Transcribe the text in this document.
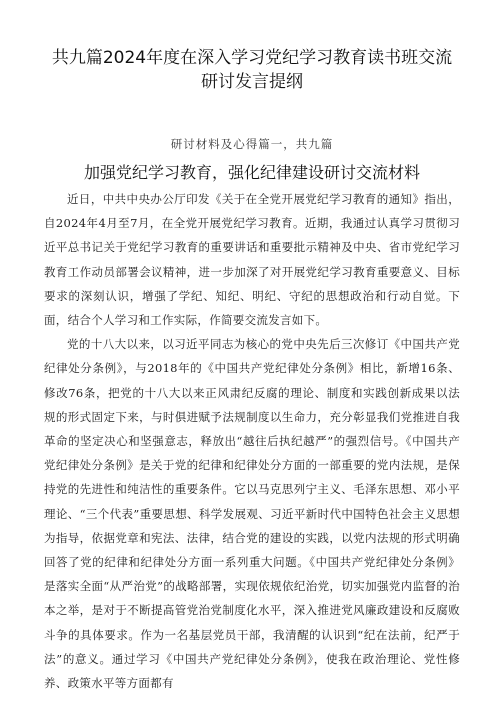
共九篇2024年度在深入学习党纪学习教育读书班交流
研讨发言提纲

研讨材料及心得篇一，共九篇

加强党纪学习教育，强化纪律建设研讨交流材料

近日，中共中央办公厅印发《关于在全党开展党纪学习教育的通知》指出，自2024年4月至7月，在全党开展党纪学习教育。近期，我通过认真学习贯彻习近平总书记关于党纪学习教育的重要讲话和重要批示精神及中央、省市党纪学习教育工作动员部署会议精神，进一步加深了对开展党纪学习教育重要意义、目标要求的深刻认识，增强了学纪、知纪、明纪、守纪的思想政治和行动自觉。下面，结合个人学习和工作实际，作简要交流发言如下。

党的十八大以来，以习近平同志为核心的党中央先后三次修订《中国共产党纪律处分条例》，与2018年的《中国共产党纪律处分条例》相比，新增16条、修改76条，把党的十八大以来正风肃纪反腐的理论、制度和实践创新成果以法规的形式固定下来，与时俱进赋予法规制度以生命力，充分彰显我们党推进自我革命的坚定决心和坚强意志，释放出“越往后执纪越严”的强烈信号。《中国共产党纪律处分条例》是关于党的纪律和纪律处分方面的一部重要的党内法规，是保持党的先进性和纯洁性的重要条件。它以马克思列宁主义、毛泽东思想、邓小平理论、“三个代表”重要思想、科学发展观、习近平新时代中国特色社会主义思想为指导，依据党章和宪法、法律，结合党的建设的实践，以党内法规的形式明确回答了党的纪律和纪律处分方面一系列重大问题。《中国共产党纪律处分条例》是落实全面“从严治党”的战略部署，实现依规依纪治党，切实加强党内监督的治本之举，是对于不断提高管党治党制度化水平，深入推进党风廉政建设和反腐败斗争的具体要求。作为一名基层党员干部，我清醒的认识到“纪在法前，纪严于法”的意义。通过学习《中国共产党纪律处分条例》，使我在政治理论、党性修养、政策水平等方面都有
